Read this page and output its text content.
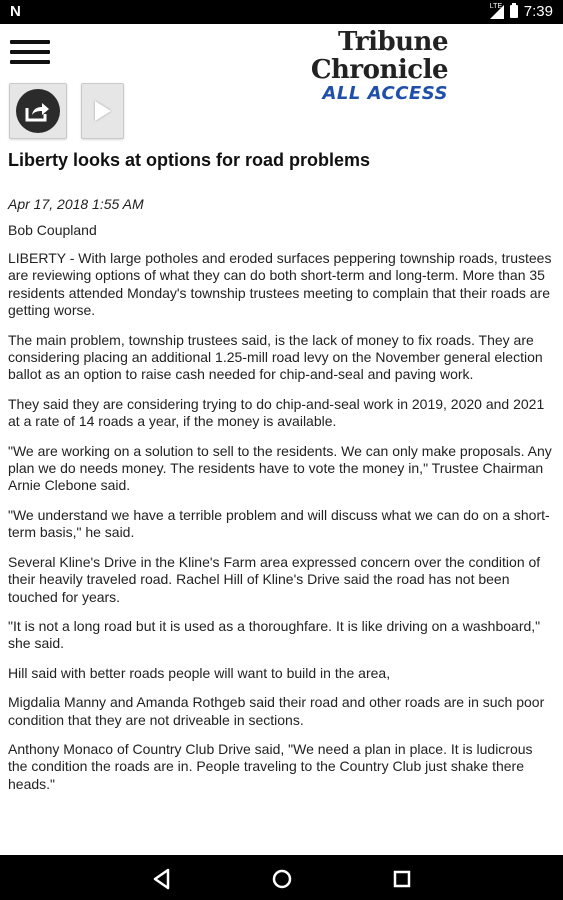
N	LTE 7:39
Tribune Chronicle
ALL ACCESS
Liberty looks at options for road problems
Apr 17, 2018 1:55 AM
Bob Coupland

LIBERTY - With large potholes and eroded surfaces peppering township roads, trustees are reviewing options of what they can do both short-term and long-term. More than 35 residents attended Monday's township trustees meeting to complain that their roads are getting worse.

The main problem, township trustees said, is the lack of money to fix roads. They are considering placing an additional 1.25-mill road levy on the November general election ballot as an option to raise cash needed for chip-and-seal and paving work.

They said they are considering trying to do chip-and-seal work in 2019, 2020 and 2021 at a rate of 14 roads a year, if the money is available.

"We are working on a solution to sell to the residents. We can only make proposals. Any plan we do needs money. The residents have to vote the money in," Trustee Chairman Arnie Clebone said.

"We understand we have a terrible problem and will discuss what we can do on a short-term basis," he said.

Several Kline's Drive in the Kline's Farm area expressed concern over the condition of their heavily traveled road. Rachel Hill of Kline's Drive said the road has not been touched for years.

"It is not a long road but it is used as a thoroughfare. It is like driving on a washboard," she said.

Hill said with better roads people will want to build in the area,

Migdalia Manny and Amanda Rothgeb said their road and other roads are in such poor condition that they are not driveable in sections.

Anthony Monaco of Country Club Drive said, "We need a plan in place. It is ludicrous the condition the roads are in. People traveling to the Country Club just shake there heads."
